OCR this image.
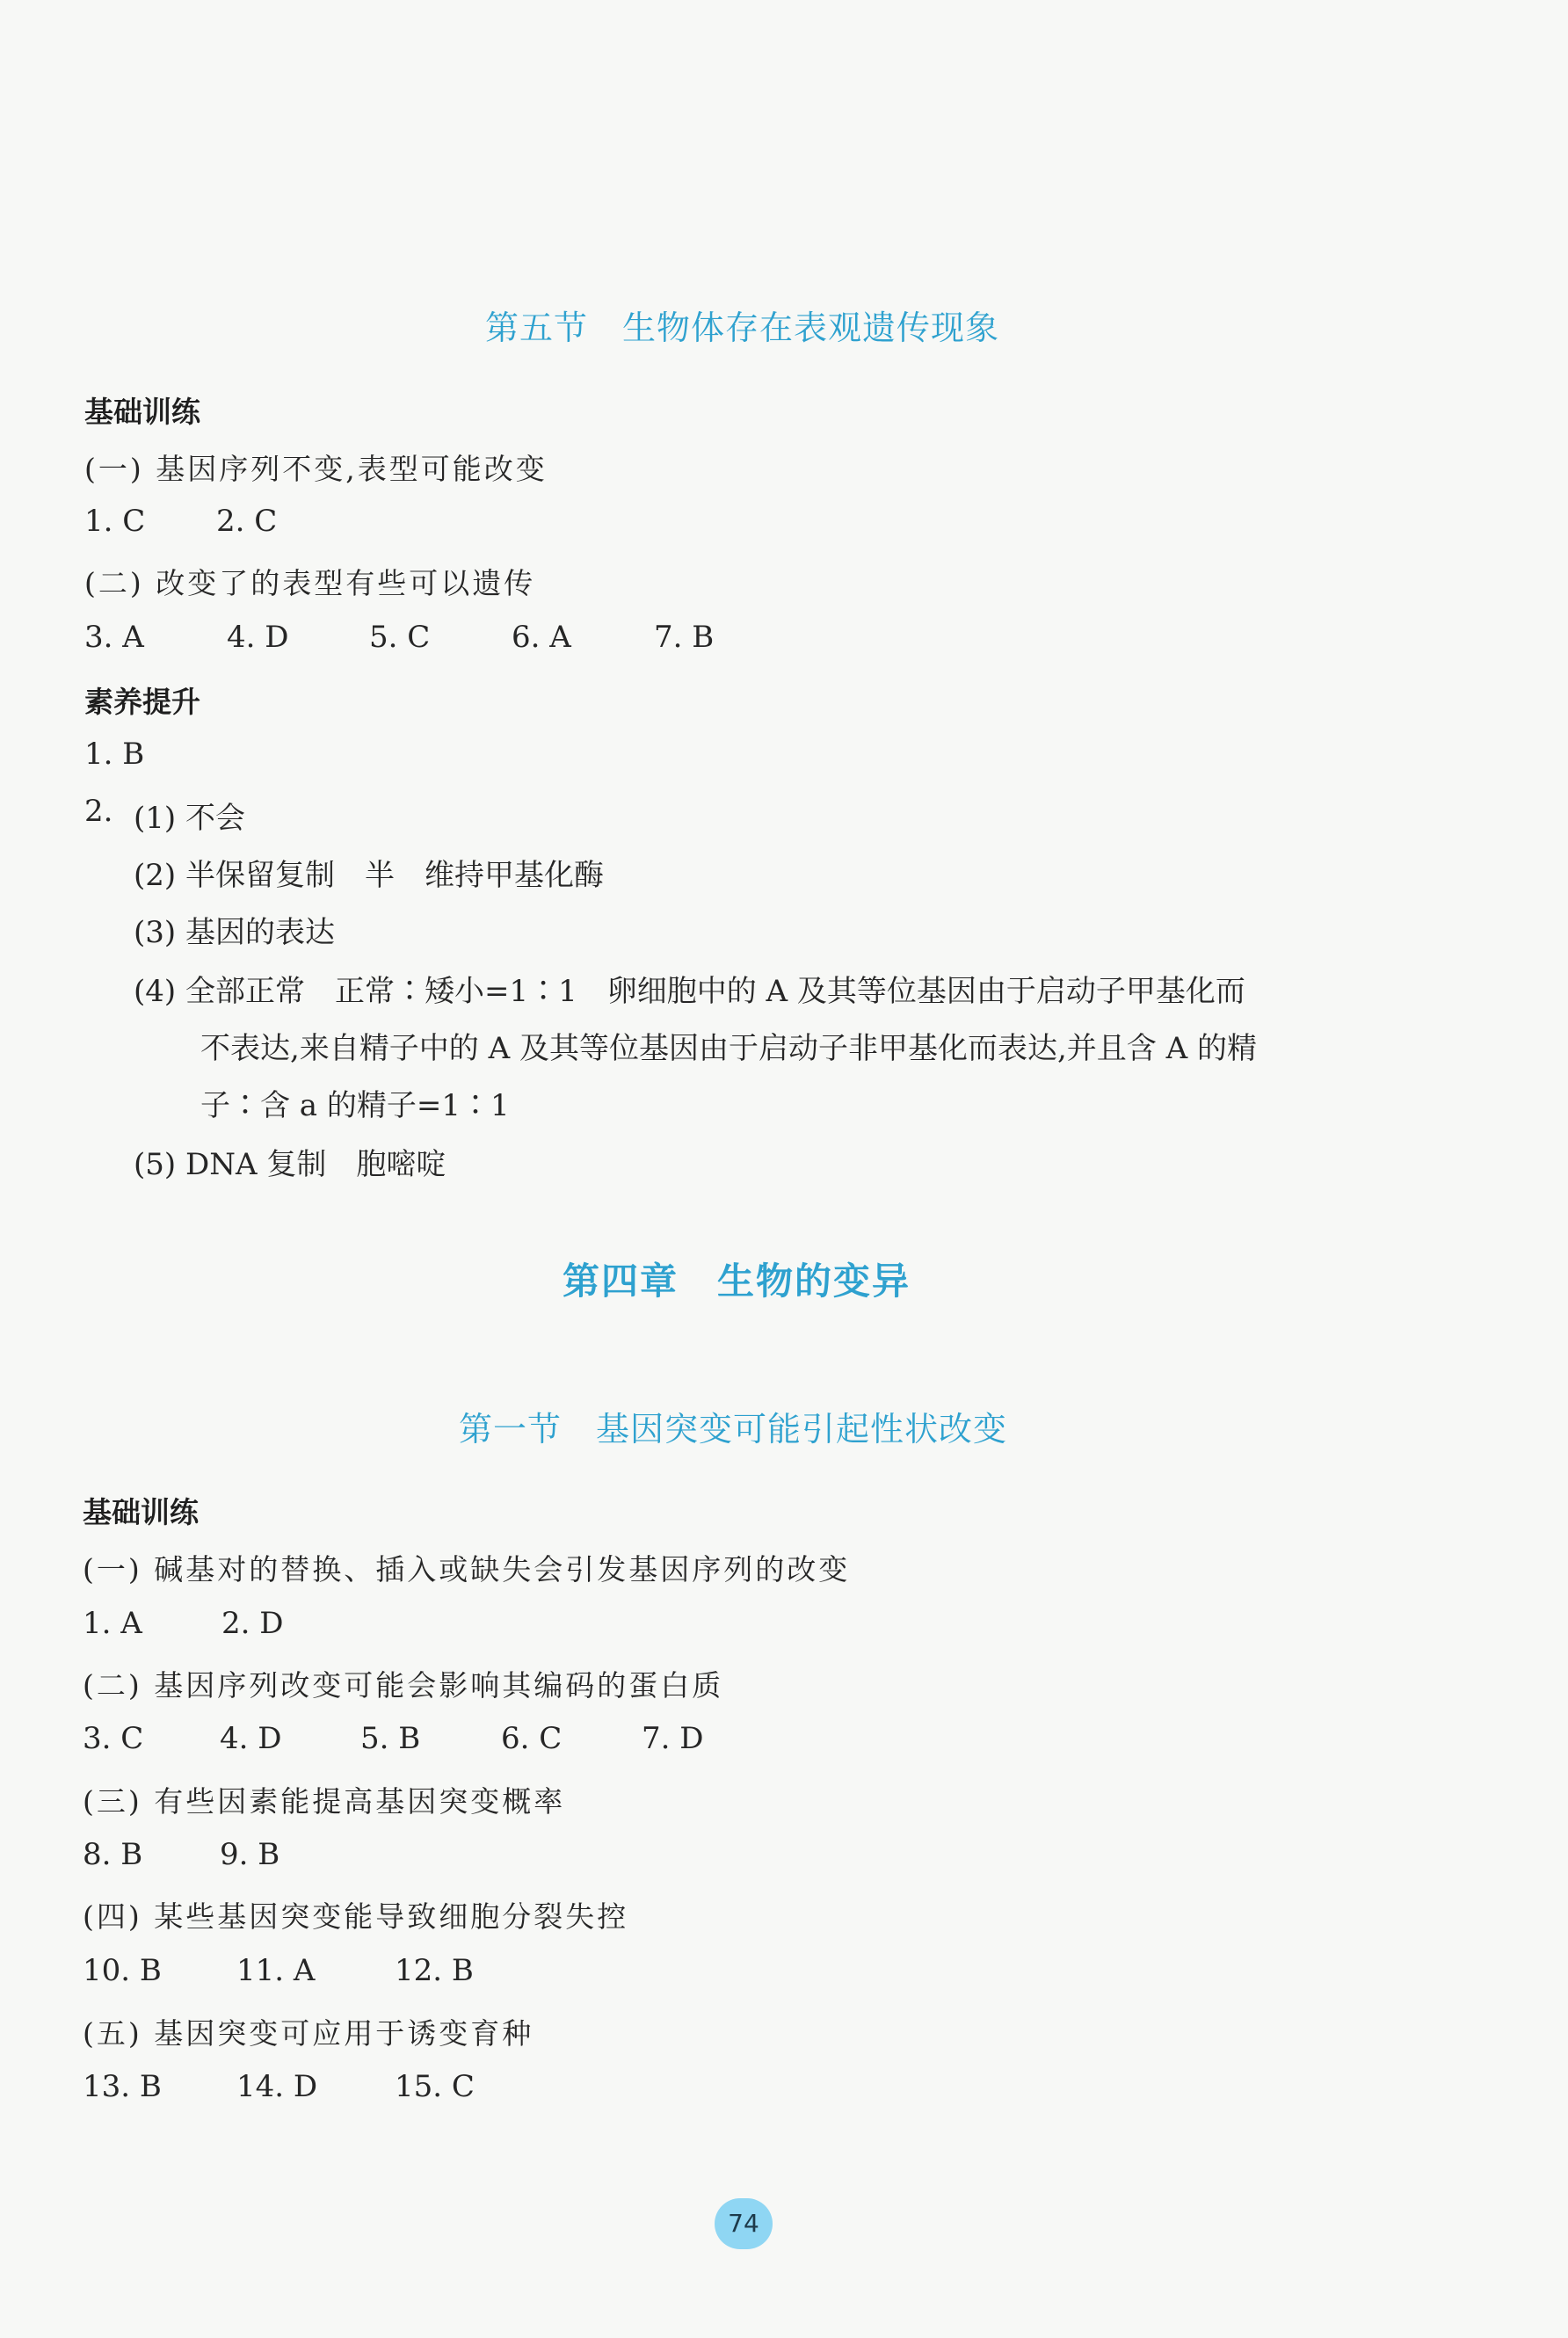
第五节　生物体存在表观遗传现象
基础训练
(一) 基因序列不变,表型可能改变
1. C 2. C
(二) 改变了的表型有些可以遗传
3. A	4. D	5. C	6. A	7. B
素养提升
1. B
2. (1) 不会
(2) 半保留复制　半　维持甲基化酶
(3) 基因的表达
(4) 全部正常　正常∶矮小=1∶1　卵细胞中的 A 及其等位基因由于启动子甲基化而
不表达,来自精子中的 A 及其等位基因由于启动子非甲基化而表达,并且含 A 的精
子∶含 a 的精子=1∶1
(5) DNA 复制　胞嘧啶
第四章　生物的变异
第一节　基因突变可能引起性状改变
基础训练
(一) 碱基对的替换、插入或缺失会引发基因序列的改变
1. A	2. D
(二) 基因序列改变可能会影响其编码的蛋白质
3. C	4. D	5. B	6. C	7. D
(三) 有些因素能提高基因突变概率
8. B	9. B
(四) 某些基因突变能导致细胞分裂失控
10. B	11. A	12. B
(五) 基因突变可应用于诱变育种
13. B	14. D	15. C
74
